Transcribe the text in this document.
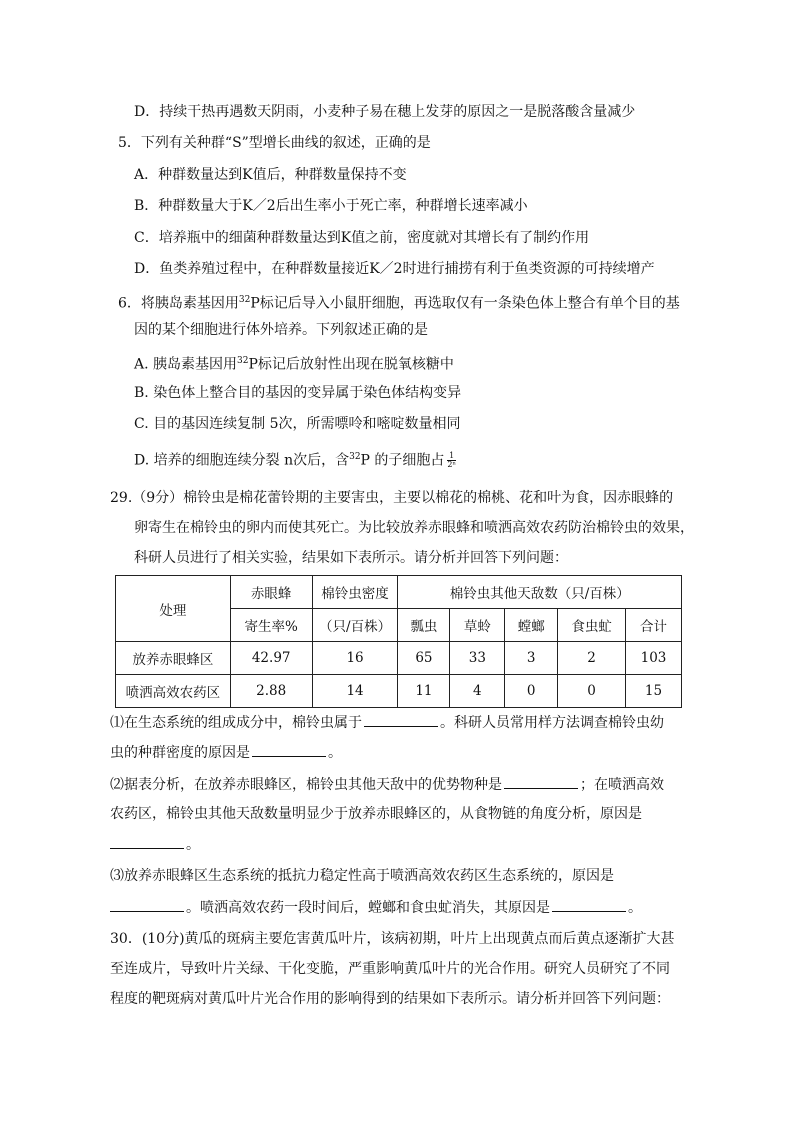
D．持续干热再遇数天阴雨，小麦种子易在穗上发芽的原因之一是脱落酸含量减少
5．下列有关种群“S”型增长曲线的叙述，正确的是
A．种群数量达到Κ值后，种群数量保持不变
B．种群数量大于Κ／2后出生率小于死亡率，种群增长速率减小
C．培养瓶中的细菌种群数量达到Κ值之前，密度就对其增长有了制约作用
D．鱼类养殖过程中，在种群数量接近Κ／2时进行捕捞有利于鱼类资源的可持续增产
6．将胰岛素基因用$^{32}$P标记后导入小鼠肝细胞，再选取仅有一条染色体上整合有单个目的基
因的某个细胞进行体外培养。下列叙述正确的是
A. 胰岛素基因用$^{32}$P标记后放射性出现在脱氧核糖中
B. 染色体上整合目的基因的变异属于染色体结构变异
C. 目的基因连续复制 5次，所需嘌呤和嘧啶数量相同
D. 培养的细胞连续分裂 n次后，含$^{32}$P 的子细胞占 $\frac{1}{\text{2ⁿ}}$
29.（9分）棉铃虫是棉花蕾铃期的主要害虫，主要以棉花的棉桃、花和叶为食，因赤眼蜂的
卵寄生在棉铃虫的卵内而使其死亡。为比较放养赤眼蜂和喷洒高效农药防治棉铃虫的效果，
科研人员进行了相关实验，结果如下表所示。请分析并回答下列问题：
处理	赤眼蜂	棉铃虫密度	棉铃虫其他天敌数（只/百株）				
	寄生率%	（只/百株）	瓢虫	草蛉	螳螂	食虫虻	合计
放养赤眼蜂区	42.97	16	65	33	3	2	103
喷洒高效农药区	2.88	14	11	4	0	0	15
⑴在生态系统的组成成分中，棉铃虫属于	。科研人员常用样方法调查棉铃虫幼
虫的种群密度的原因是	。
⑵据表分析，在放养赤眼蜂区，棉铃虫其他天敌中的优势物种是	；在喷洒高效
农药区，棉铃虫其他天敌数量明显少于放养赤眼蜂区的，从食物链的角度分析，原因是
。
⑶放养赤眼蜂区生态系统的抵抗力稳定性高于喷洒高效农药区生态系统的，原因是
。喷洒高效农药一段时间后，螳螂和食虫虻消失，其原因是	。
30．(10分)黄瓜的斑病主要危害黄瓜叶片，该病初期，叶片上出现黄点而后黄点逐渐扩大甚
至连成片，导致叶片关绿、干化变脆，严重影响黄瓜叶片的光合作用。研究人员研究了不同
程度的靶斑病对黄瓜叶片光合作用的影响得到的结果如下表所示。请分析并回答下列问题：
